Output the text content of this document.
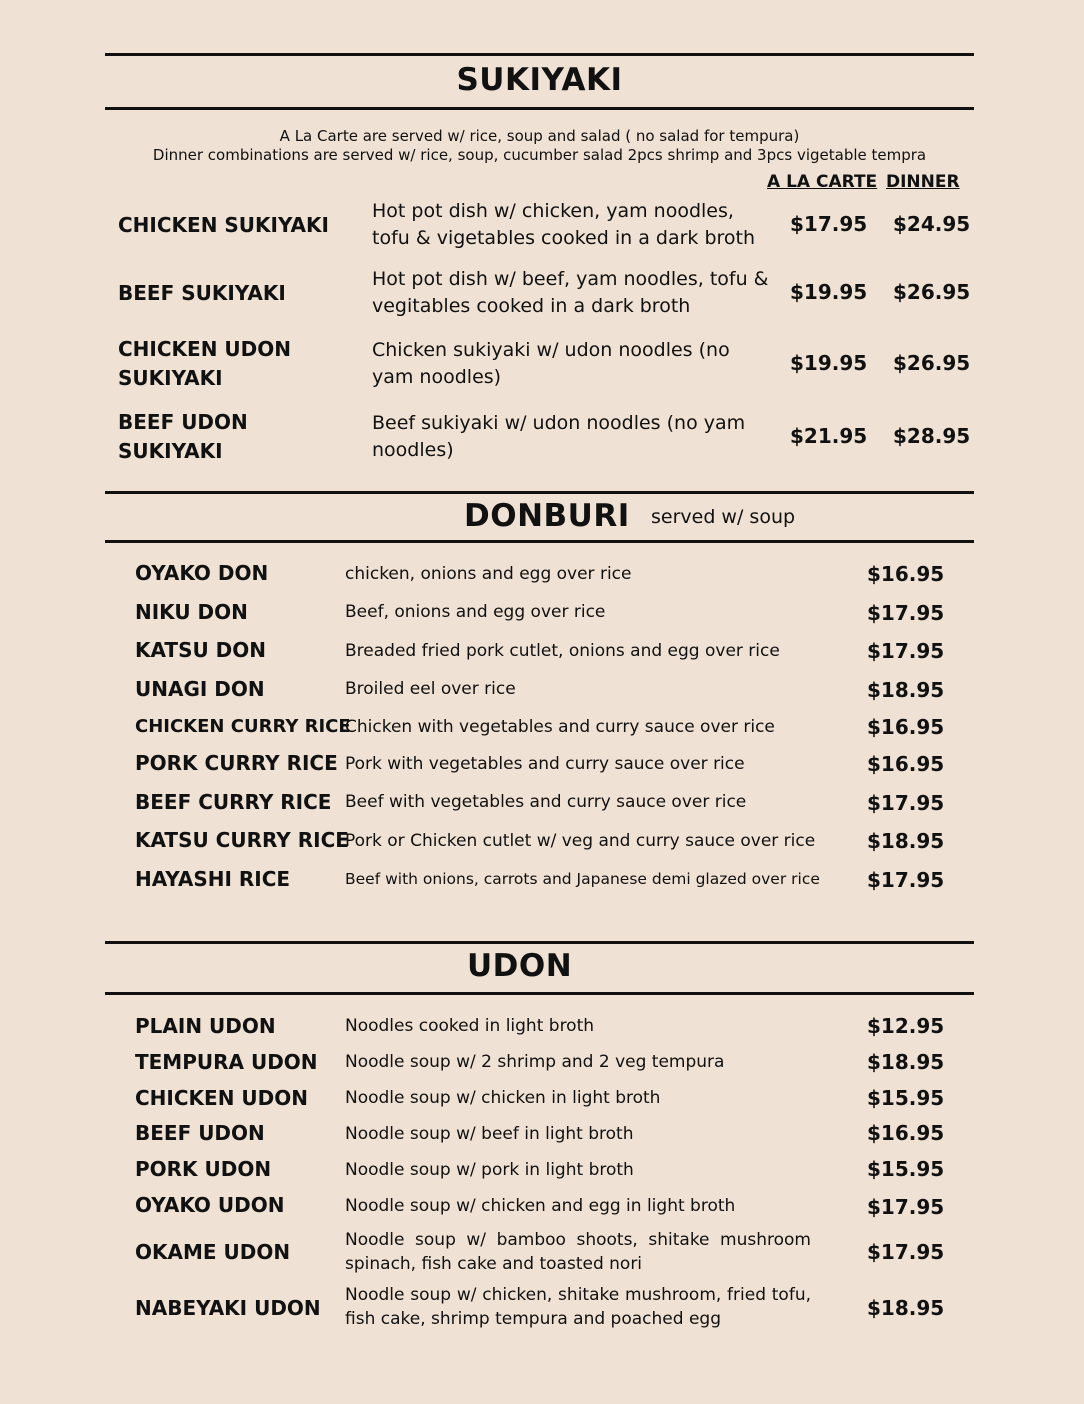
SUKIYAKI
A La Carte are served w/ rice, soup and salad ( no salad for tempura)
Dinner combinations are served w/ rice, soup, cucumber salad 2pcs shrimp and 3pcs vigetable tempra
A LA CARTE DINNER
CHICKEN SUKIYAKI
Hot pot dish w/ chicken, yam noodles, tofu & vigetables cooked in a dark broth
$17.95 $24.95
BEEF SUKIYAKI
Hot pot dish w/ beef, yam noodles, tofu & vegitables cooked in a dark broth
$19.95 $26.95
CHICKEN UDON SUKIYAKI
Chicken sukiyaki w/ udon noodles (no yam noodles)
$19.95 $26.95
BEEF UDON SUKIYAKI
Beef sukiyaki w/ udon noodles (no yam noodles)
$21.95 $28.95
DONBURI	served w/ soup
OYAKO DON	chicken, onions and egg over rice	$16.95
NIKU DON	Beef, onions and egg over rice	$17.95
KATSU DON	Breaded fried pork cutlet, onions and egg over rice	$17.95
UNAGI DON	Broiled eel over rice	$18.95
CHICKEN CURRY RICE
Chicken with vegetables and curry sauce over rice	$16.95
PORK CURRY RICE Pork with vegetables and curry sauce over rice	$16.95
BEEF CURRY RICE Beef with vegetables and curry sauce over rice	$17.95
KATSU CURRY RICE
Pork or Chicken cutlet w/ veg and curry sauce over rice	$18.95
HAYASHI RICE	Beef with onions, carrots and Japanese demi glazed over rice $17.95
UDON
PLAIN UDON	Noodles cooked in light broth	$12.95
TEMPURA UDON Noodle soup w/ 2 shrimp and 2 veg tempura	$18.95
CHICKEN UDON Noodle soup w/ chicken in light broth	$15.95
BEEF UDON	Noodle soup w/ beef in light broth	$16.95
PORK UDON	Noodle soup w/ pork in light broth	$15.95
OYAKO UDON	Noodle soup w/ chicken and egg in light broth	$17.95
OKAME UDON	Noodle soup w/ bamboo shoots, shitake mushroom spinach, fish cake and toasted nori	$17.95
NABEYAKI UDON
Noodle soup w/ chicken, shitake mushroom, fried tofu, fish cake, shrimp tempura and poached egg	$18.95
